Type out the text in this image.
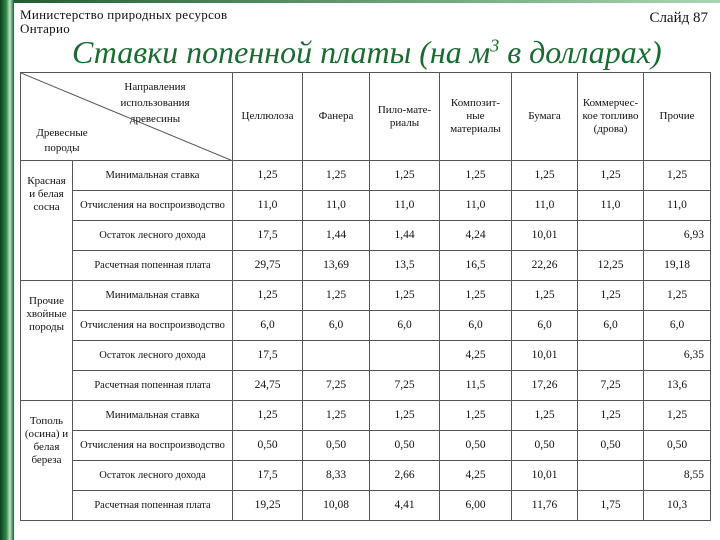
Министерство природных ресурсов Онтарио
Слайд 87
Ставки попенной платы (на $м^3$ в долларах)
Направления использования древесины
Древесные породы		Целлюлоза	Фанера	Пило-мате-риалы	Композит-ные материалы	Бумага	Коммерчес-кое топливо (дрова)	Прочие
Красная и белая сосна	Минимальная ставка	1,25	1,25	1,25	1,25	1,25	1,25	1,25
	Отчисления на воспроизводство	11,0	11,0	11,0	11,0	11,0	11,0	11,0
	Остаток лесного дохода	17,5	1,44	1,44	4,24	10,01		6,93
	Расчетная попенная плата	29,75	13,69	13,5	16,5	22,26	12,25	19,18
Прочие хвойные породы	Минимальная ставка	1,25	1,25	1,25	1,25	1,25	1,25	1,25
	Отчисления на воспроизводство	6,0	6,0	6,0	6,0	6,0	6,0	6,0
	Остаток лесного дохода	17,5			4,25	10,01		6,35
	Расчетная попенная плата	24,75	7,25	7,25	11,5	17,26	7,25	13,6
Тополь (осина) и белая береза	Минимальная ставка	1,25	1,25	1,25	1,25	1,25	1,25	1,25
	Отчисления на воспроизводство	0,50	0,50	0,50	0,50	0,50	0,50	0,50
	Остаток лесного дохода	17,5	8,33	2,66	4,25	10,01		8,55
	Расчетная попенная плата	19,25	10,08	4,41	6,00	11,76	1,75	10,3
